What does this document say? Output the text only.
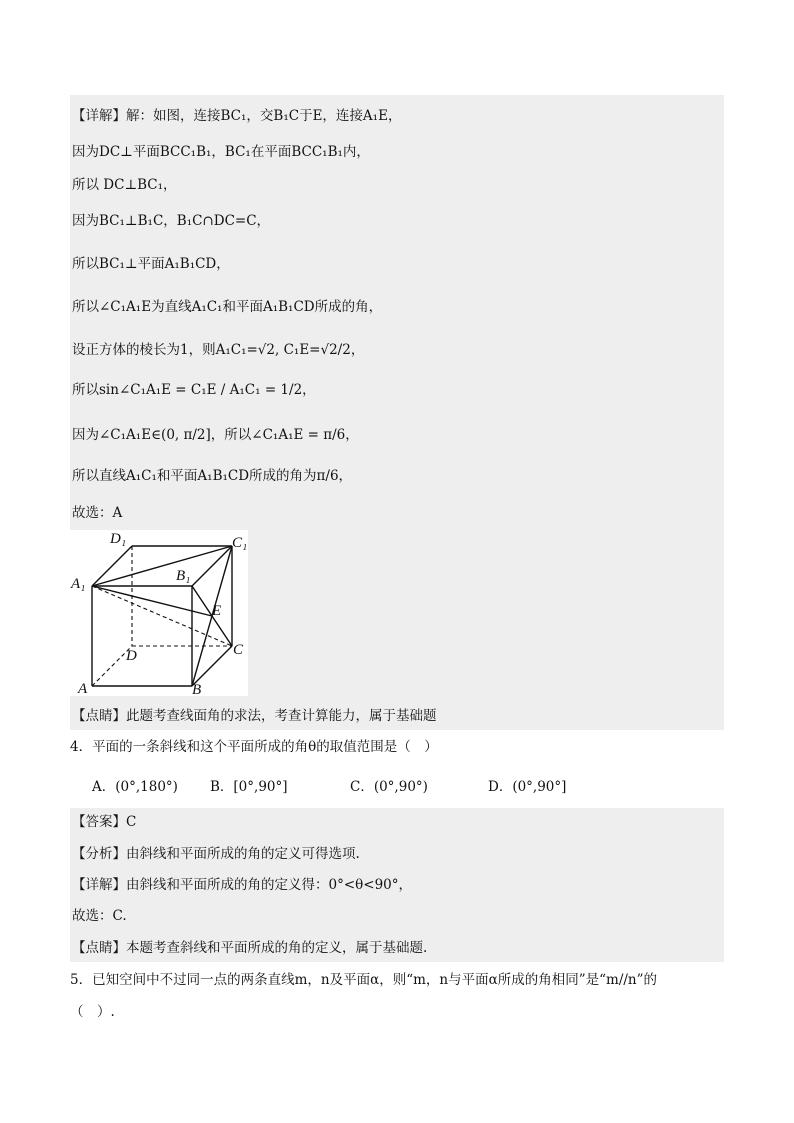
【详解】解：如图，连接BC₁，交B₁C于E，连接A₁E，
因为DC⊥平面BCC₁B₁，BC₁在平面BCC₁B₁内，
所以 DC⊥BC₁，
因为BC₁⊥B₁C，B₁C∩DC=C，
所以BC₁⊥平面A₁B₁CD，
所以∠C₁A₁E为直线A₁C₁和平面A₁B₁CD所成的角，
设正方体的棱长为1，则A₁C₁=√2, C₁E=√2/2，
所以sin∠C₁A₁E = C₁E / A₁C₁ = 1/2，
因为∠C₁A₁E∈(0, π/2]，所以∠C₁A₁E = π/6，
所以直线A₁C₁和平面A₁B₁CD所成的角为π/6，
故选：A
D₁	C₁
A₁	B₁
E
D	C
A	B
【点睛】此题考查线面角的求法，考查计算能力，属于基础题
4．平面的一条斜线和这个平面所成的角θ的取值范围是（　）
A．(0°,180°) B．[0°,90°]	C．(0°,90°)	D．(0°,90°]
【答案】C
【分析】由斜线和平面所成的角的定义可得选项.
【详解】由斜线和平面所成的角的定义得：0°<θ<90°，
故选：C.
【点睛】本题考查斜线和平面所成的角的定义，属于基础题.
5．已知空间中不过同一点的两条直线m，n及平面α，则“m，n与平面α所成的角相同”是“m//n”的
（　）.
